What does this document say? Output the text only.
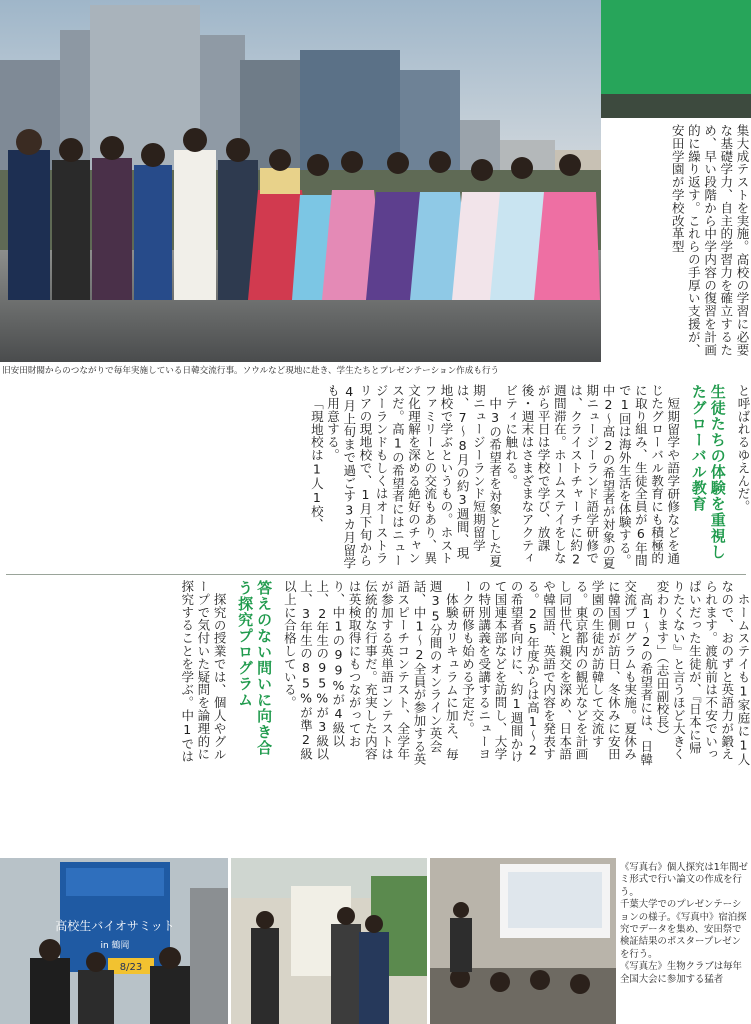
旧安田財閥からのつながりで毎年実施している日韓交流行事。ソウルなど現地に赴き、学生たちとプレゼンテーション作成も行う

集大成テストを実施。高校の学習に必要な基礎学力、自主的学習力を確立するため、早い段階から中学内容の復習を計画的に繰り返す。これらの手厚い支援が、安田学園が学校改革型

と呼ばれるゆえんだ。

生徒たちの体験を重視したグローバル教育

短期留学や語学研修などを通じたグローバル教育にも積極的に取り組み、生徒全員が6年間で1回は海外生活を体験する。中2～高2の希望者が対象の夏期ニュージーランド語学研修では、クライストチャーチに約2週間滞在。ホームステイをしながら平日は学校で学び、放課後・週末はさまざまなアクティビティに触れる。

中3の希望者を対象とした夏期ニュージーランド短期留学は、7～8月の約3週間、現地校で学ぶというもの。ホストファミリーとの交流もあり、異文化理解を深める絶好のチャンスだ。高1の希望者にはニュージーランドもしくはオーストラリアの現地校で、1月下旬から4月上旬まで過ごす3カ月留学も用意する。

「現地校は1人1校、

ホームステイも1家庭に1人なので、おのずと英語力が鍛えられます。渡航前は不安でいっぱいだった生徒が、『日本に帰りたくない』と言うほど大きく変わります」（志田副校長）

高1～2の希望者には、日韓交流プログラムも実施。夏休みに韓国側が訪日、冬休みに安田学園の生徒が訪韓して交流する。東京都内の観光などを計画し同世代と親交を深め、日本語や韓国語、英語で内容を発表する。25年度からは高1～2の希望者向けに、約1週間かけて国連本部などを訪問し、大学の特別講義を受講するニューヨーク研修も始める予定だ。

体験カリキュラムに加え、毎週35分間のオンライン英会話、中1～2全員が参加する英語スピーチコンテスト、全学年が参加する英単語コンテストは伝統的な行事だ。充実した内容は英検取得にもつながっており、中1の99%が4級以上、2年生の95%が3級以上、3年生の85%が準2級以上に合格している。

答えのない問いに向き合う探究プログラム

探究の授業では、個人やグループで気付いた疑問を論理的に探究することを学ぶ。中1では

高校生バイオサミット
in 鶴岡
8/23
《写真右》個人探究は1年間ゼミ形式で行い論文の作成を行う。
千葉大学でのプレゼンテーションの様子。《写真中》宿泊探究でデータを集め、安田祭で検証結果のポスタープレゼンを行う。
《写真左》生物クラブは毎年全国大会に参加する猛者
